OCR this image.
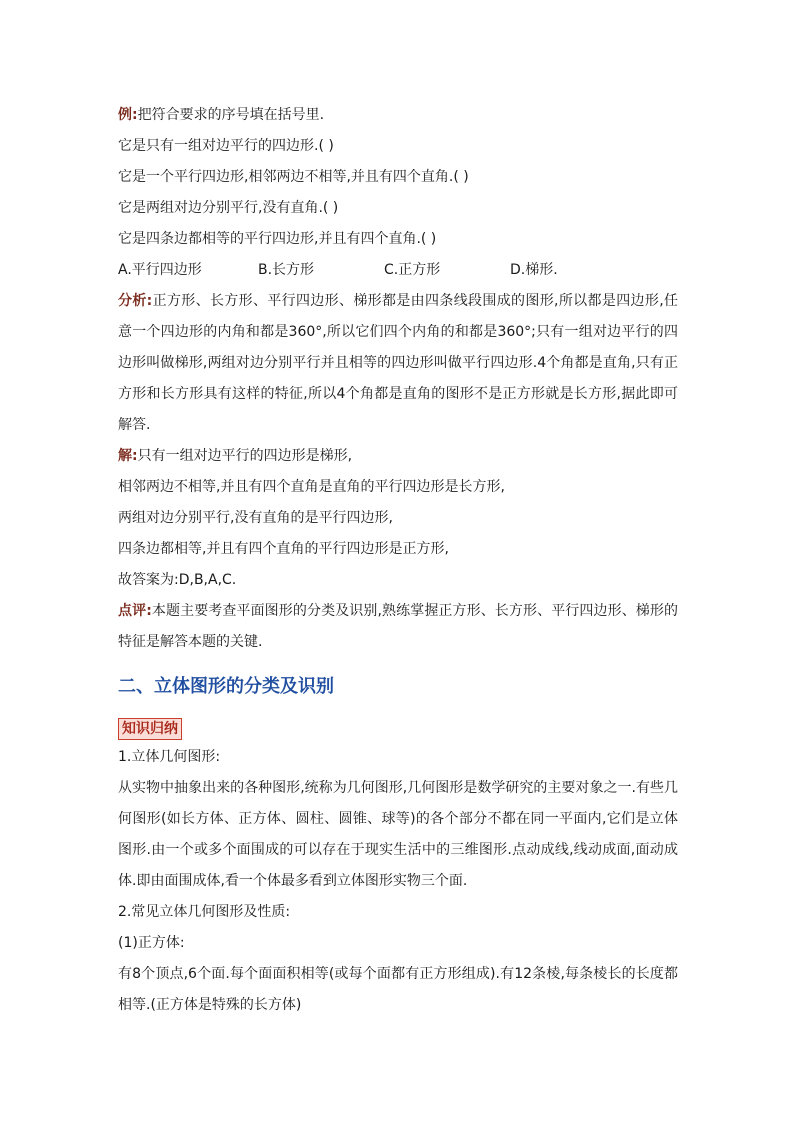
例:把符合要求的序号填在括号里.

它是只有一组对边平行的四边形.( )

它是一个平行四边形,相邻两边不相等,并且有四个直角.( )

它是两组对边分别平行,没有直角.( )

它是四条边都相等的平行四边形,并且有四个直角.( )

A.平行四边形	B.长方形	C.正方形	D.梯形.

分析:正方形、长方形、平行四边形、梯形都是由四条线段围成的图形,所以都是四边形,任意一个四边形的内角和都是360°,所以它们四个内角的和都是360°;只有一组对边平行的四边形叫做梯形,两组对边分别平行并且相等的四边形叫做平行四边形.4个角都是直角,只有正方形和长方形具有这样的特征,所以4个角都是直角的图形不是正方形就是长方形,据此即可解答.

解:只有一组对边平行的四边形是梯形,

相邻两边不相等,并且有四个直角是直角的平行四边形是长方形,

两组对边分别平行,没有直角的是平行四边形,

四条边都相等,并且有四个直角的平行四边形是正方形,

故答案为:D,B,A,C.

点评:本题主要考查平面图形的分类及识别,熟练掌握正方形、长方形、平行四边形、梯形的特征是解答本题的关键.

二、立体图形的分类及识别
知识归纳

1.立体几何图形:

从实物中抽象出来的各种图形,统称为几何图形,几何图形是数学研究的主要对象之一.有些几何图形(如长方体、正方体、圆柱、圆锥、球等)的各个部分不都在同一平面内,它们是立体图形.由一个或多个面围成的可以存在于现实生活中的三维图形.点动成线,线动成面,面动成体.即由面围成体,看一个体最多看到立体图形实物三个面.

2.常见立体几何图形及性质:

(1)正方体:

有8个顶点,6个面.每个面面积相等(或每个面都有正方形组成).有12条棱,每条棱长的长度都相等.(正方体是特殊的长方体)
